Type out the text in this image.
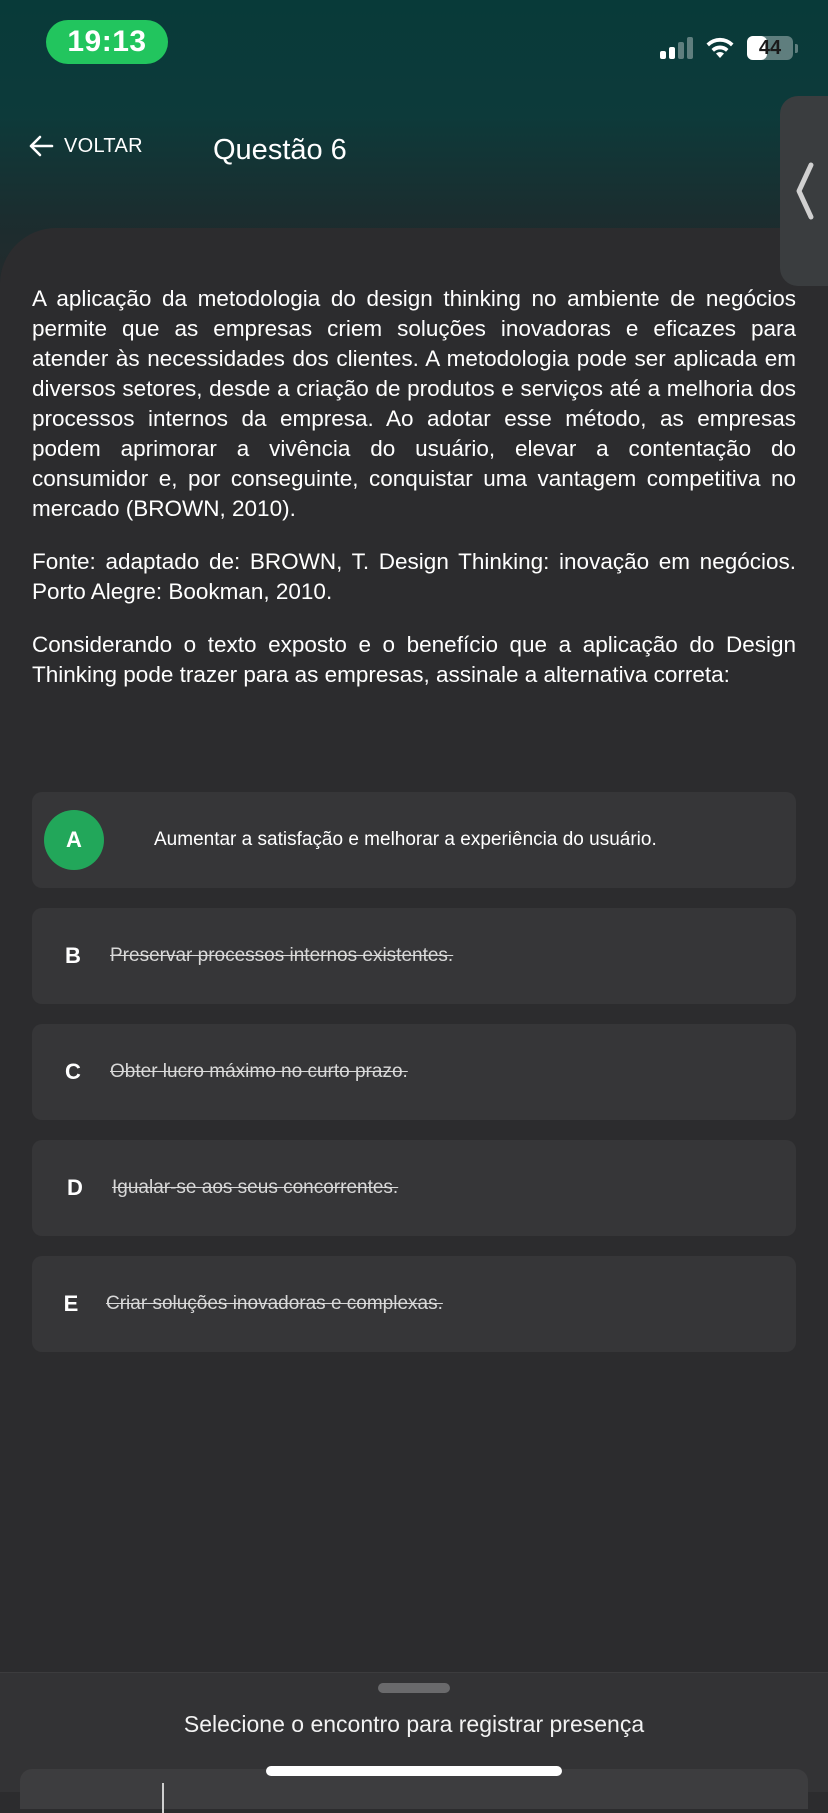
19:13	44
VOLTAR Questão 6

A aplicação da metodologia do design thinking no ambiente de negócios permite que as empresas criem soluções inovadoras e eficazes para atender às necessidades dos clientes. A metodologia pode ser aplicada em diversos setores, desde a criação de produtos e serviços até a melhoria dos processos internos da empresa. Ao adotar esse método, as empresas podem aprimorar a vivência do usuário, elevar a contentação do consumidor e, por conseguinte, conquistar uma vantagem competitiva no mercado (BROWN, 2010).

Fonte: adaptado de: BROWN, T. Design Thinking: inovação em negócios. Porto Alegre: Bookman, 2010.

Considerando o texto exposto e o benefício que a aplicação do Design Thinking pode trazer para as empresas, assinale a alternativa correta:

A	Aumentar a satisfação e melhorar a experiência do usuário.
B	Preservar processos internos existentes.
C	Obter lucro máximo no curto prazo.
D	Igualar-se aos seus concorrentes.
E	Criar soluções inovadoras e complexas.
Selecione o encontro para registrar presença
